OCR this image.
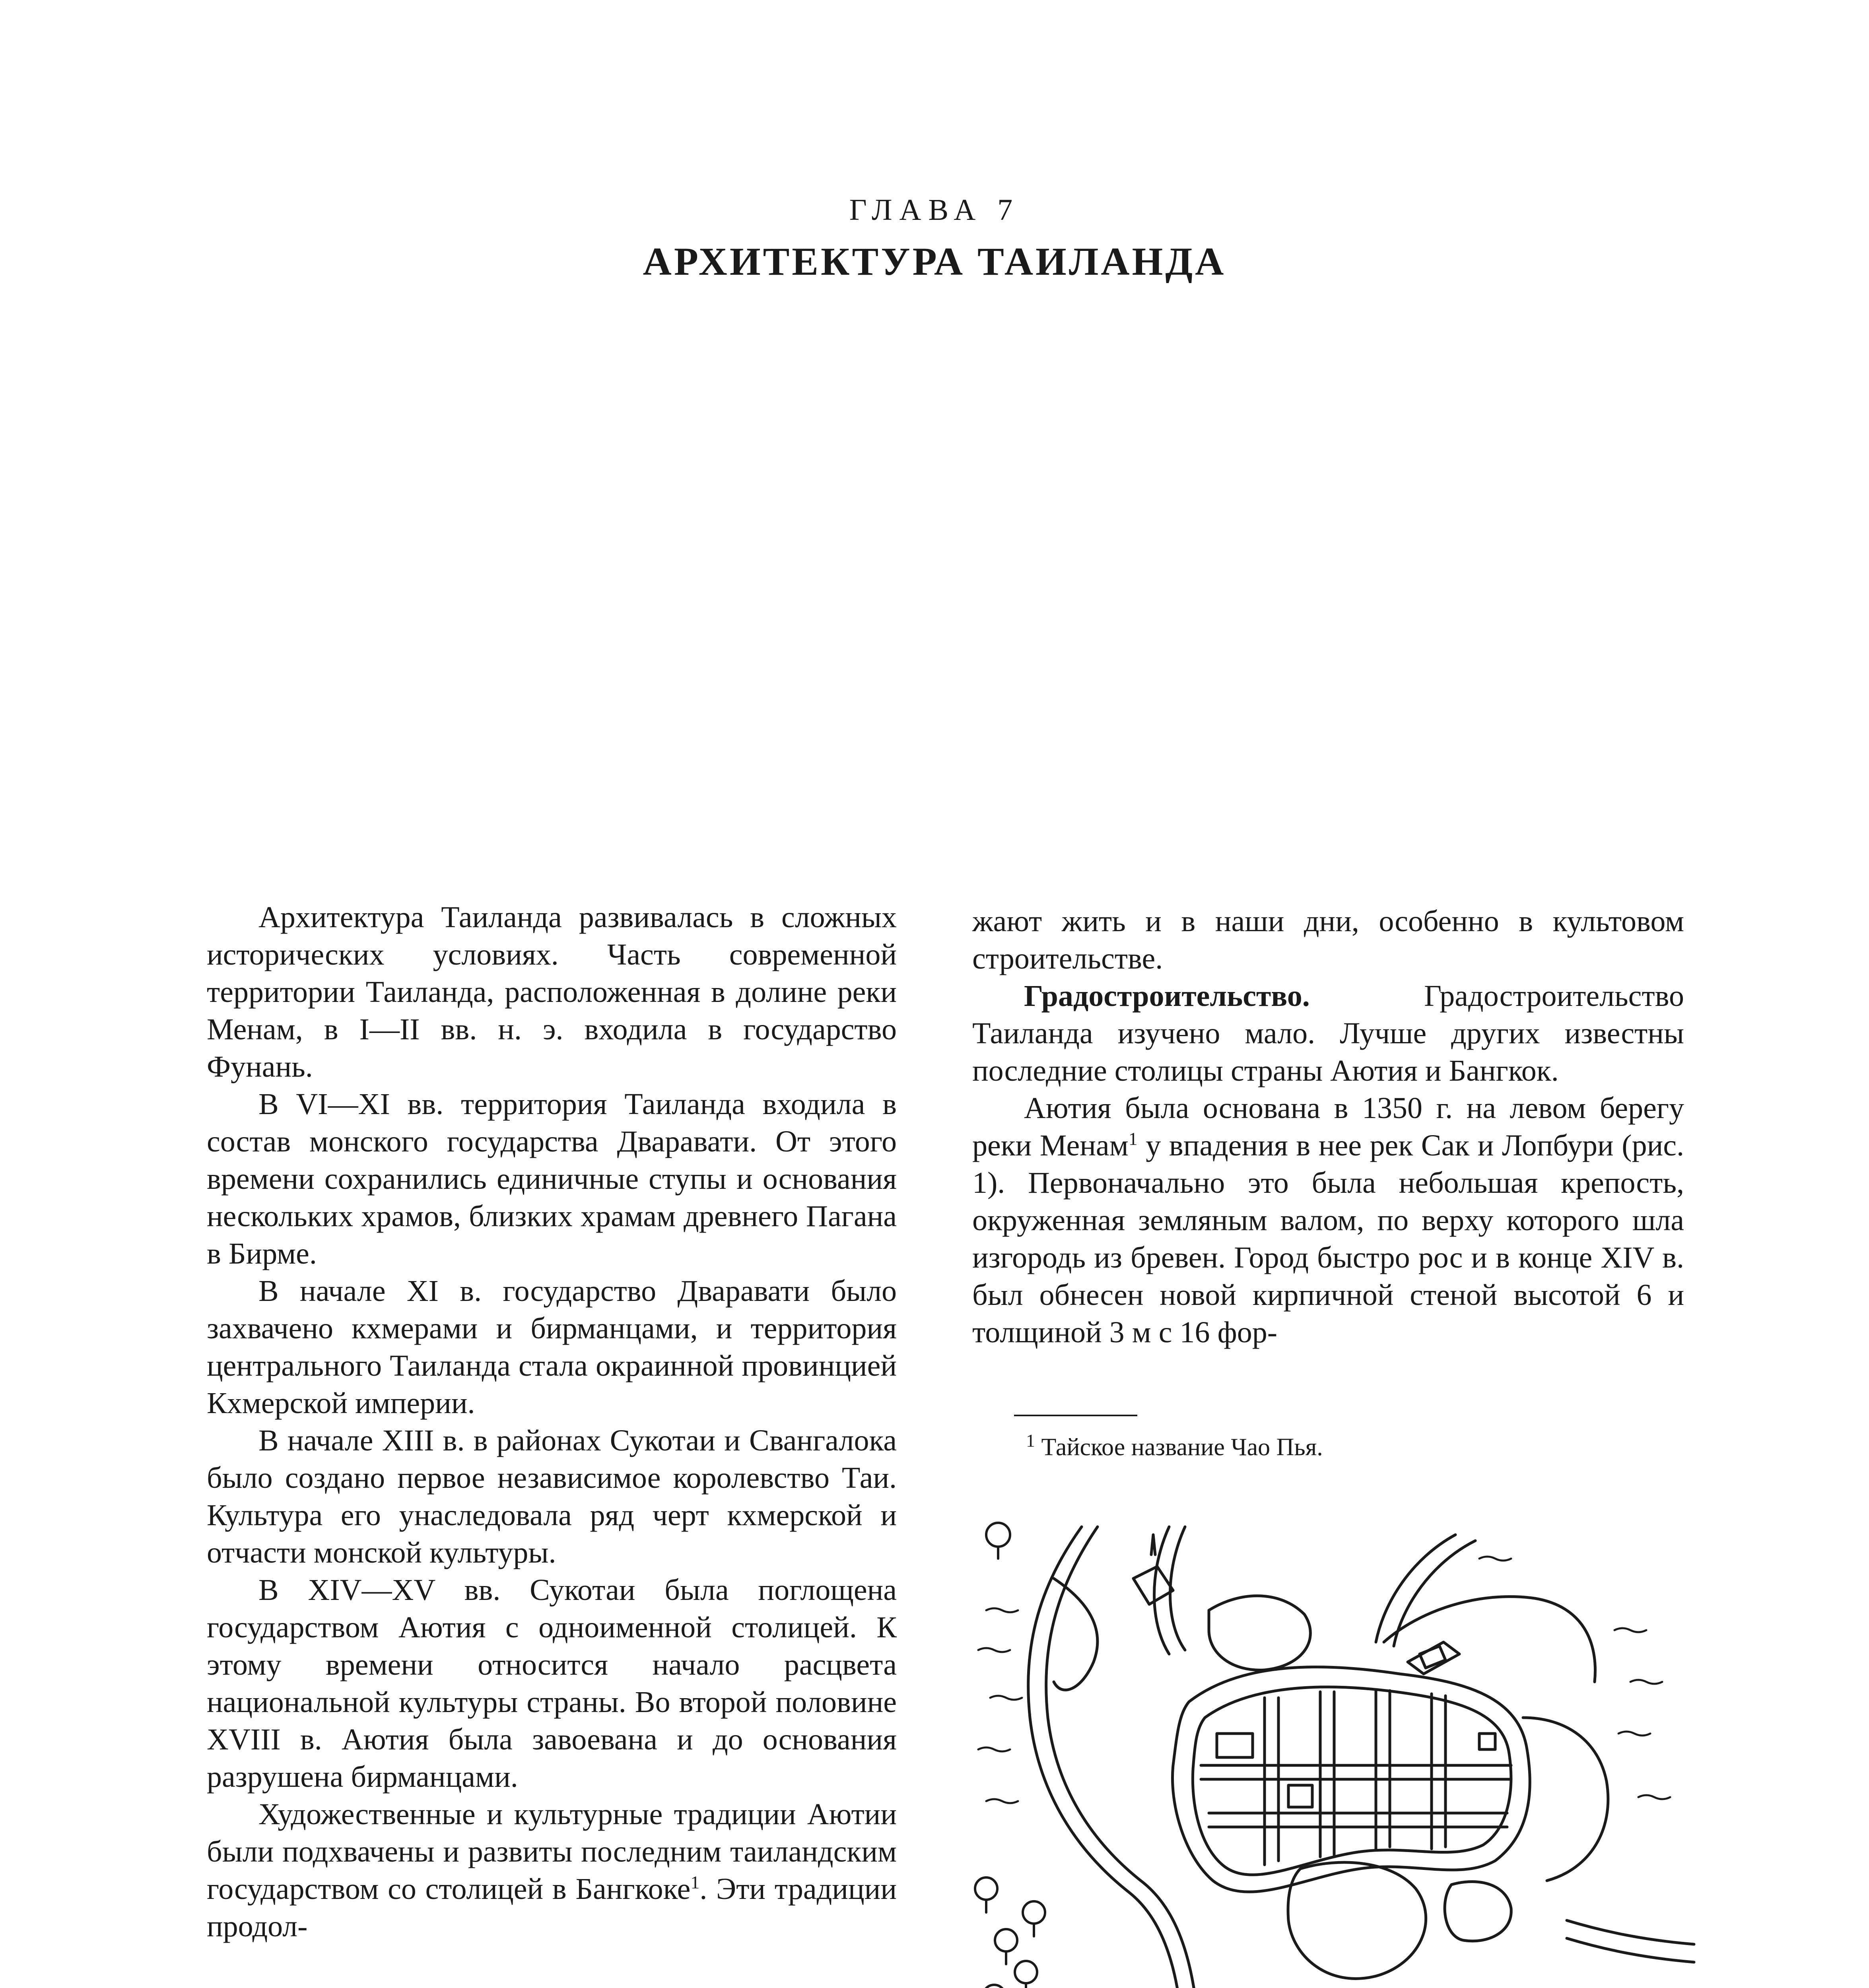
ГЛАВА 7
АРХИТЕКТУРА ТАИЛАНДА

Архитектура Таиланда развивалась в сложных исторических условиях. Часть современной территории Таиланда, расположенная в долине реки Менам, в I—II вв. н. э. входила в государство Фунань.

В VI—XI вв. территория Таиланда входила в состав монского государства Дваравати. От этого времени сохранились единичные ступы и основания нескольких храмов, близких храмам древнего Пагана в Бирме.

В начале XI в. государство Дваравати было захвачено кхмерами и бирманцами, и территория центрального Таиланда стала окраинной провинцией Кхмерской империи.

В начале XIII в. в районах Сукотаи и Свангалока было создано первое независимое королевство Таи. Культура его унаследовала ряд черт кхмерской и отчасти монской культуры.

В XIV—XV вв. Сукотаи была поглощена государством Аютия с одноименной столицей. К этому времени относится начало расцвета национальной культуры страны. Во второй половине XVIII в. Аютия была завоевана и до основания разрушена бирманцами.

Художественные и культурные традиции Аютии были подхвачены и развиты последним таиландским государством со столицей в Бангкоке$^1$. Эти традиции продол-

жают жить и в наши дни, особенно в культовом строительстве.

Градостроительство. Градостроительство Таиланда изучено мало. Лучше других известны последние столицы страны Аютия и Бангкок.

Аютия была основана в 1350 г. на левом берегу реки Менам$^1$ у впадения в нее рек Сак и Лопбури (рис. 1). Первоначально это была небольшая крепость, окруженная земляным валом, по верху которого шла изгородь из бревен. Город быстро рос и в конце XIV в. был обнесен новой кирпичной стеной высотой 6 и толщиной 3 м с 16 фор-

$^1$ Тайское название Чао Пья.
